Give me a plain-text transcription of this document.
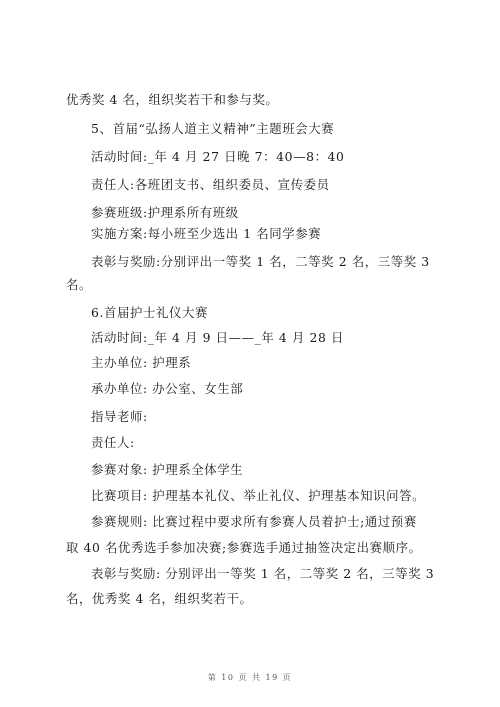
优秀奖 4 名，组织奖若干和参与奖。
5、首届“弘扬人道主义精神”主题班会大赛
活动时间:_年 4 月 27 日晚 7：40—8：40
责任人:各班团支书、组织委员、宣传委员
参赛班级:护理系所有班级
实施方案:每小班至少选出 1 名同学参赛
表彰与奖励:分别评出一等奖 1 名，二等奖 2 名，三等奖 3
名。
6.首届护士礼仪大赛
活动时间:_年 4 月 9 日——_年 4 月 28 日
主办单位: 护理系
承办单位: 办公室、女生部
指导老师:
责任人:
参赛对象: 护理系全体学生
比赛项目: 护理基本礼仪、举止礼仪、护理基本知识问答。
参赛规则: 比赛过程中要求所有参赛人员着护士;通过预赛
取 40 名优秀选手参加决赛;参赛选手通过抽签决定出赛顺序。
表彰与奖励: 分别评出一等奖 1 名，二等奖 2 名，三等奖 3
名，优秀奖 4 名，组织奖若干。
第 10 页 共 19 页
